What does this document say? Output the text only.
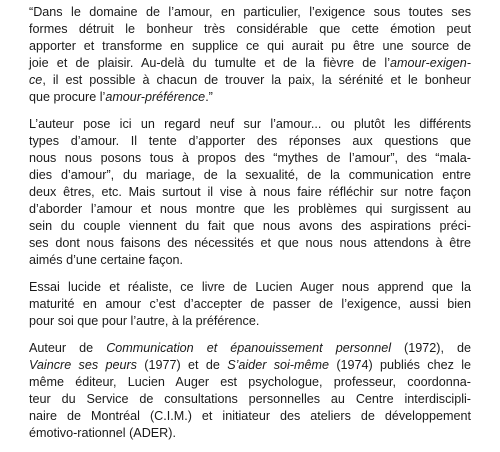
“Dans le domaine de l’amour, en particulier, l’exigence sous toutes ses
formes détruit le bonheur très considérable que cette émotion peut
apporter et transforme en supplice ce qui aurait pu être une source de
joie et de plaisir. Au-delà du tumulte et de la fièvre de l’amour-exigen-
ce, il est possible à chacun de trouver la paix, la sérénité et le bonheur
que procure l’amour-préférence.”
L’auteur pose ici un regard neuf sur l’amour... ou plutôt les différents
types d’amour. Il tente d’apporter des réponses aux questions que
nous nous posons tous à propos des “mythes de l’amour”, des “mala-
dies d’amour”, du mariage, de la sexualité, de la communication entre
deux êtres, etc. Mais surtout il vise à nous faire réfléchir sur notre façon
d’aborder l’amour et nous montre que les problèmes qui surgissent au
sein du couple viennent du fait que nous avons des aspirations préci-
ses dont nous faisons des nécessités et que nous nous attendons à être
aimés d’une certaine façon.
Essai lucide et réaliste, ce livre de Lucien Auger nous apprend que la
maturité en amour c’est d’accepter de passer de l’exigence, aussi bien
pour soi que pour l’autre, à la préférence.
Auteur de Communication et épanouissement personnel (1972), de
Vaincre ses peurs (1977) et de S’aider soi-même (1974) publiés chez le
même éditeur, Lucien Auger est psychologue, professeur, coordonna-
teur du Service de consultations personnelles au Centre interdiscipli-
naire de Montréal (C.I.M.) et initiateur des ateliers de développement
émotivo-rationnel (ADER).
